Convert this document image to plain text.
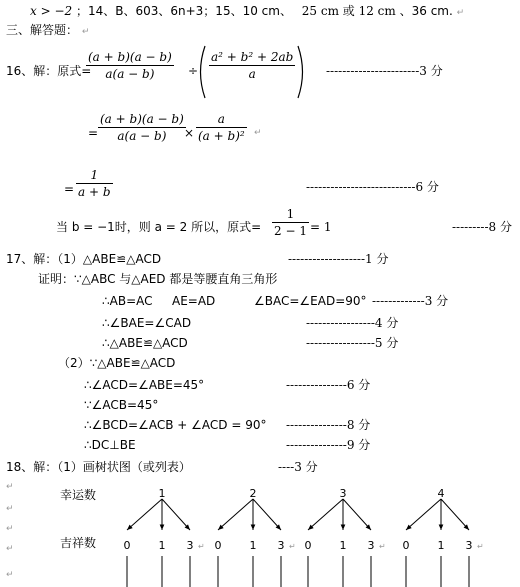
x > −2 ；14、B、603、6n+3；15、10 cm、 25 cm 或 12 cm 、36 cm. ↵
三、解答题： ↵
16、解：原式=
(a + b)(a − b)
a(a − b)	÷
a² + b² + 2ab
a	-----------------------3 分
=
(a + b)(a − b)
a(a − b)	×
a
(a + b)² ↵
=
1
a + b	---------------------------6 分
当 b = −1时，则 a = 2 所以，原式=
1
2 − 1 = 1	---------8 分
17、解：（1）△ABE≌△ACD	-------------------1 分
证明：∵△ABC 与△AED 都是等腰直角三角形
∴AB=AC AE=AD	∠BAC=∠EAD=90° -------------3 分
∴∠BAE=∠CAD	-----------------4 分
∴△ABE≌△ACD	-----------------5 分
（2）∵△ABE≌△ACD
∴∠ACD=∠ABE=45°	---------------6 分
∵∠ACB=45°
∴∠BCD=∠ACB + ∠ACD = 90° ---------------8 分
∴DC⊥BE	---------------9 分
18、解：（1）画树状图（或列表）	----3 分
↵
↵
↵
↵
↵
幸运数
吉祥数
1
0	1 3 ↵
2
0	1 3 ↵
3
0	1 3 ↵
4
0	1 3 ↵
